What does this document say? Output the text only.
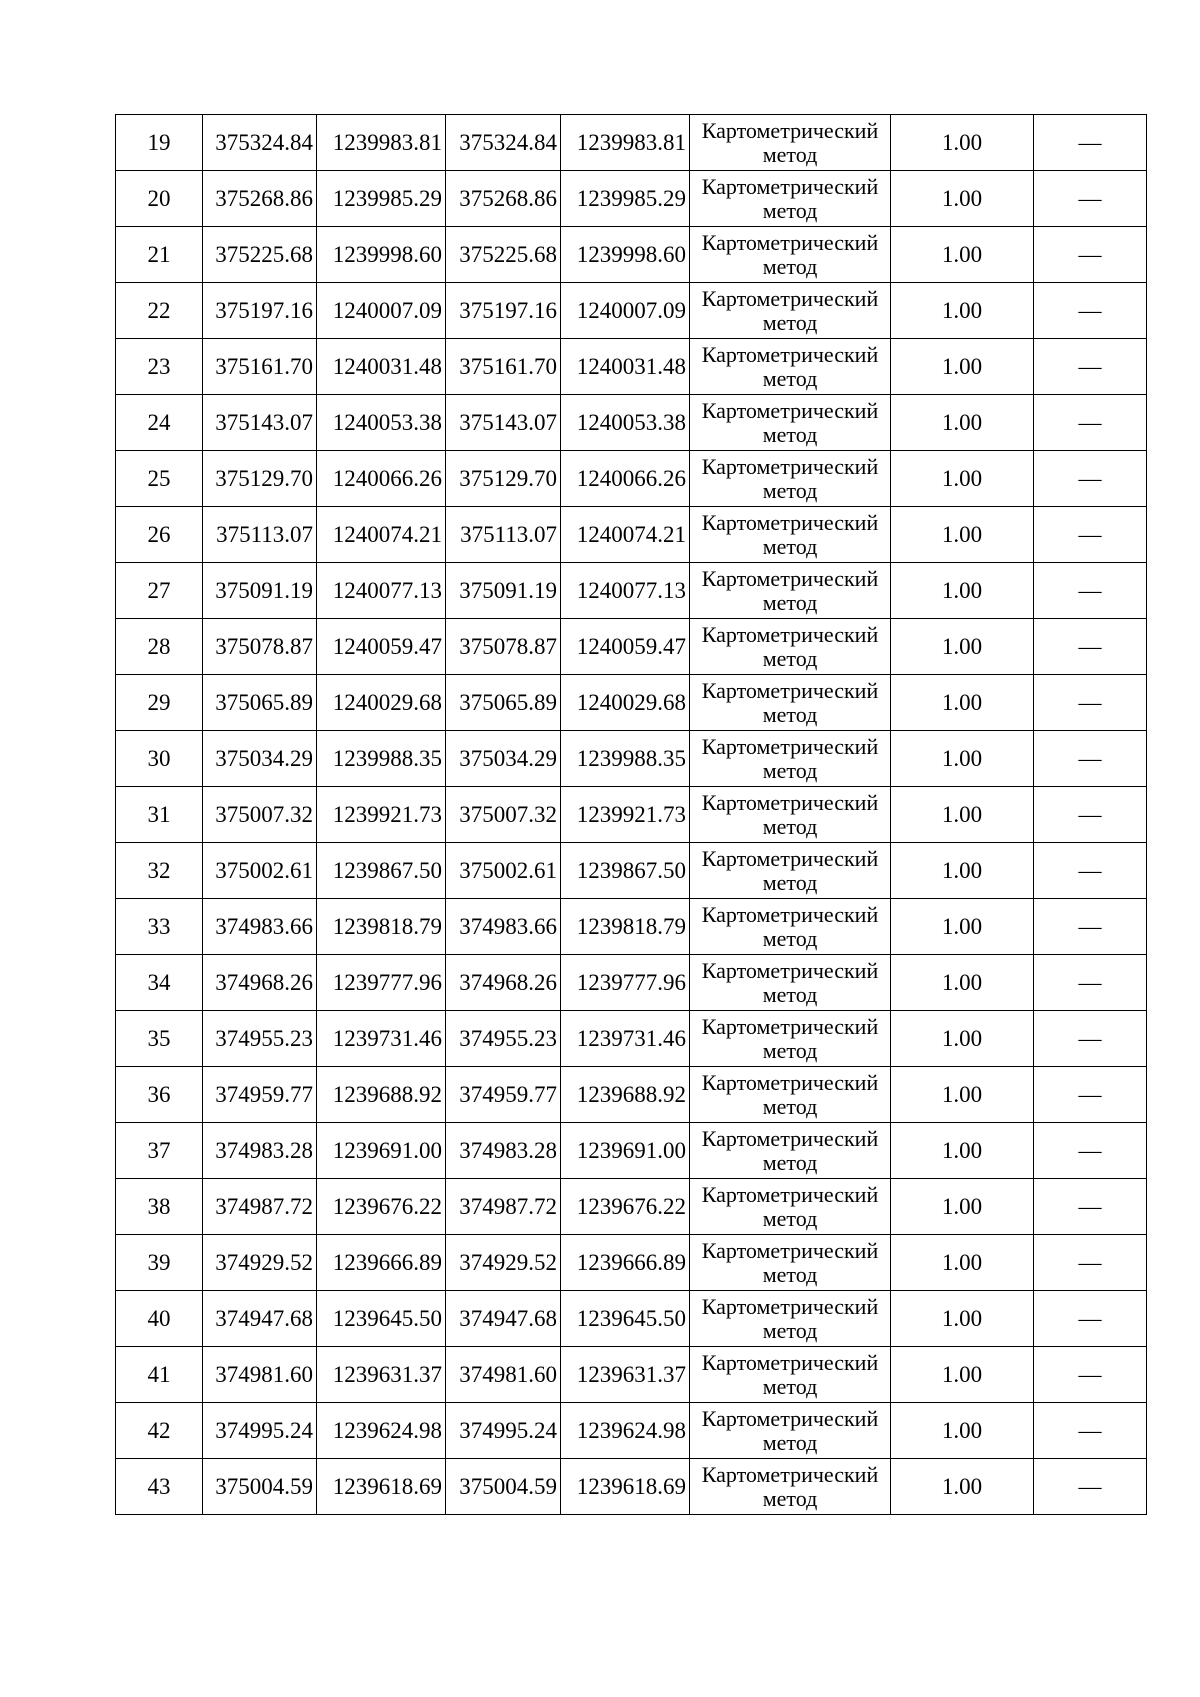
19	375324.84	1239983.81	375324.84	1239983.81	Картометрический метод	1.00	—
20	375268.86	1239985.29	375268.86	1239985.29	Картометрический метод	1.00	—
21	375225.68	1239998.60	375225.68	1239998.60	Картометрический метод	1.00	—
22	375197.16	1240007.09	375197.16	1240007.09	Картометрический метод	1.00	—
23	375161.70	1240031.48	375161.70	1240031.48	Картометрический метод	1.00	—
24	375143.07	1240053.38	375143.07	1240053.38	Картометрический метод	1.00	—
25	375129.70	1240066.26	375129.70	1240066.26	Картометрический метод	1.00	—
26	375113.07	1240074.21	375113.07	1240074.21	Картометрический метод	1.00	—
27	375091.19	1240077.13	375091.19	1240077.13	Картометрический метод	1.00	—
28	375078.87	1240059.47	375078.87	1240059.47	Картометрический метод	1.00	—
29	375065.89	1240029.68	375065.89	1240029.68	Картометрический метод	1.00	—
30	375034.29	1239988.35	375034.29	1239988.35	Картометрический метод	1.00	—
31	375007.32	1239921.73	375007.32	1239921.73	Картометрический метод	1.00	—
32	375002.61	1239867.50	375002.61	1239867.50	Картометрический метод	1.00	—
33	374983.66	1239818.79	374983.66	1239818.79	Картометрический метод	1.00	—
34	374968.26	1239777.96	374968.26	1239777.96	Картометрический метод	1.00	—
35	374955.23	1239731.46	374955.23	1239731.46	Картометрический метод	1.00	—
36	374959.77	1239688.92	374959.77	1239688.92	Картометрический метод	1.00	—
37	374983.28	1239691.00	374983.28	1239691.00	Картометрический метод	1.00	—
38	374987.72	1239676.22	374987.72	1239676.22	Картометрический метод	1.00	—
39	374929.52	1239666.89	374929.52	1239666.89	Картометрический метод	1.00	—
40	374947.68	1239645.50	374947.68	1239645.50	Картометрический метод	1.00	—
41	374981.60	1239631.37	374981.60	1239631.37	Картометрический метод	1.00	—
42	374995.24	1239624.98	374995.24	1239624.98	Картометрический метод	1.00	—
43	375004.59	1239618.69	375004.59	1239618.69	Картометрический метод	1.00	—
